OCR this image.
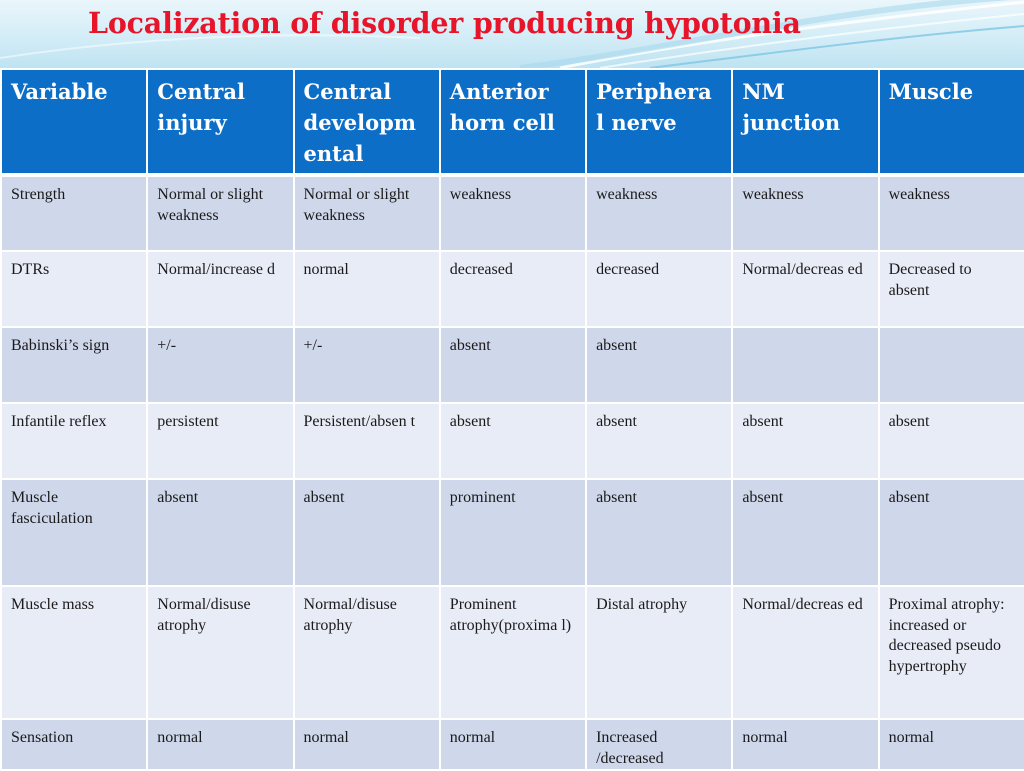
Localization of disorder producing hypotonia
Variable	Central injury	Central developm ental	Anterior horn cell	Periphera l nerve	NM junction	Muscle
Strength	Normal or slight weakness	Normal or slight weakness	weakness	weakness	weakness	weakness
DTRs	Normal/increase d	normal	decreased	decreased	Normal/decreas ed	Decreased to absent
Babinski’s sign	+/-	+/-	absent	absent		
Infantile reflex	persistent	Persistent/absen t	absent	absent	absent	absent
Muscle fasciculation	absent	absent	prominent	absent	absent	absent
Muscle mass	Normal/disuse atrophy	Normal/disuse atrophy	Prominent atrophy(proxima l)	Distal atrophy	Normal/decreas ed	Proximal atrophy: increased or decreased pseudo hypertrophy
Sensation	normal	normal	normal	Increased /decreased	normal	normal
